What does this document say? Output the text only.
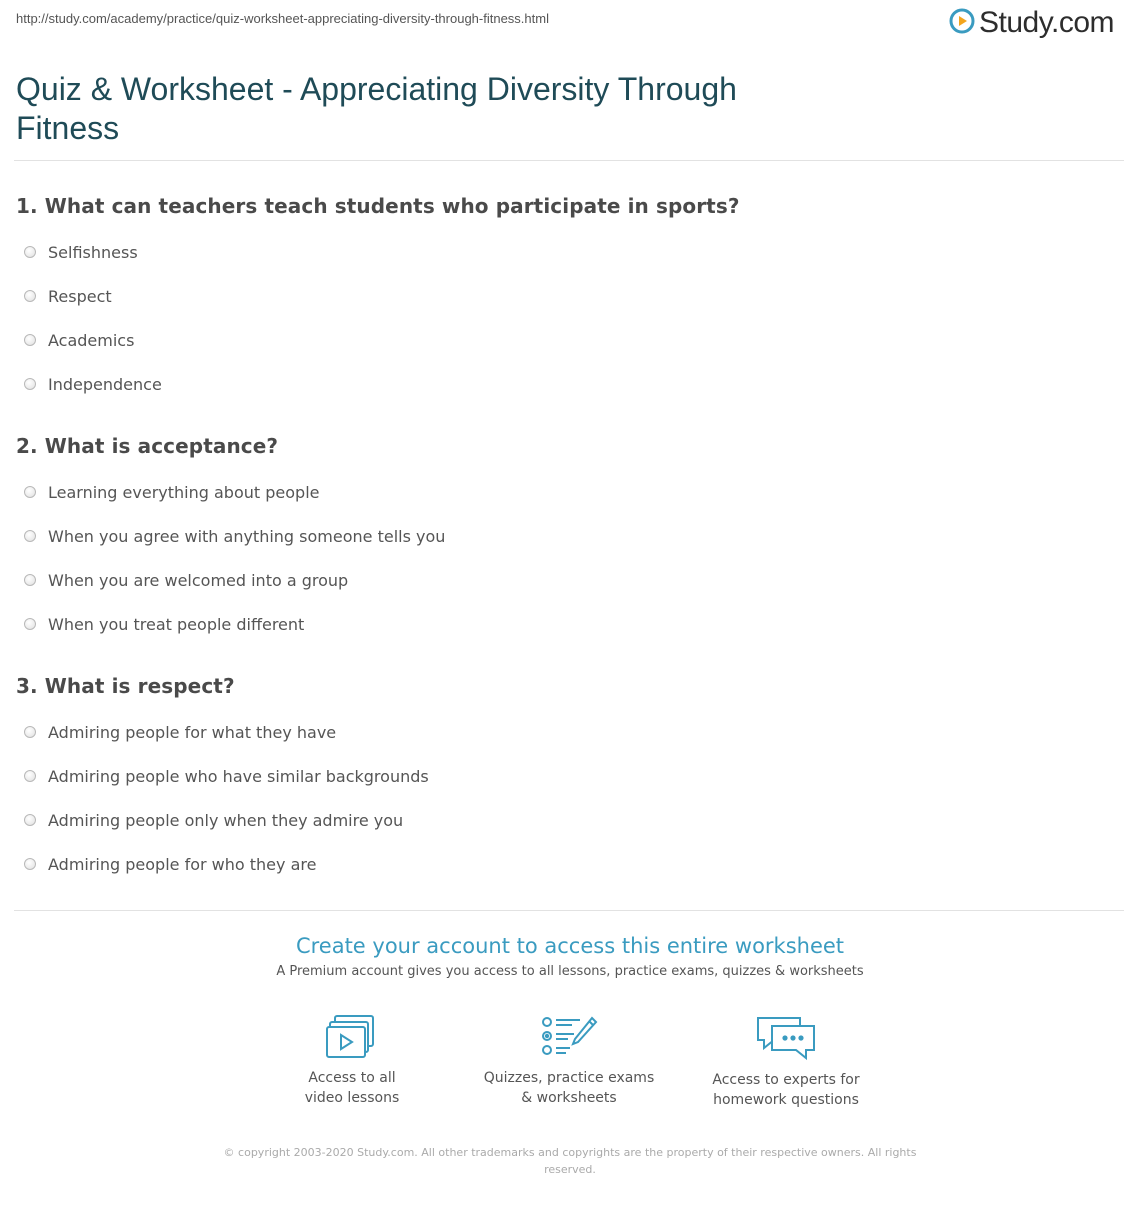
http://study.com/academy/practice/quiz-worksheet-appreciating-diversity-through-fitness.html	Study.com
Quiz & Worksheet - Appreciating Diversity Through Fitness
1. What can teachers teach students who participate in sports?
Selfishness
Respect
Academics
Independence
2. What is acceptance?
Learning everything about people
When you agree with anything someone tells you
When you are welcomed into a group
When you treat people different
3. What is respect?
Admiring people for what they have
Admiring people who have similar backgrounds
Admiring people only when they admire you
Admiring people for who they are
Create your account to access this entire worksheet
A Premium account gives you access to all lessons, practice exams, quizzes & worksheets
Access to all
video lessons
Quizzes, practice exams
& worksheets
Access to experts for
homework questions
© copyright 2003-2020 Study.com. All other trademarks and copyrights are the property of their respective owners. All rights reserved.
